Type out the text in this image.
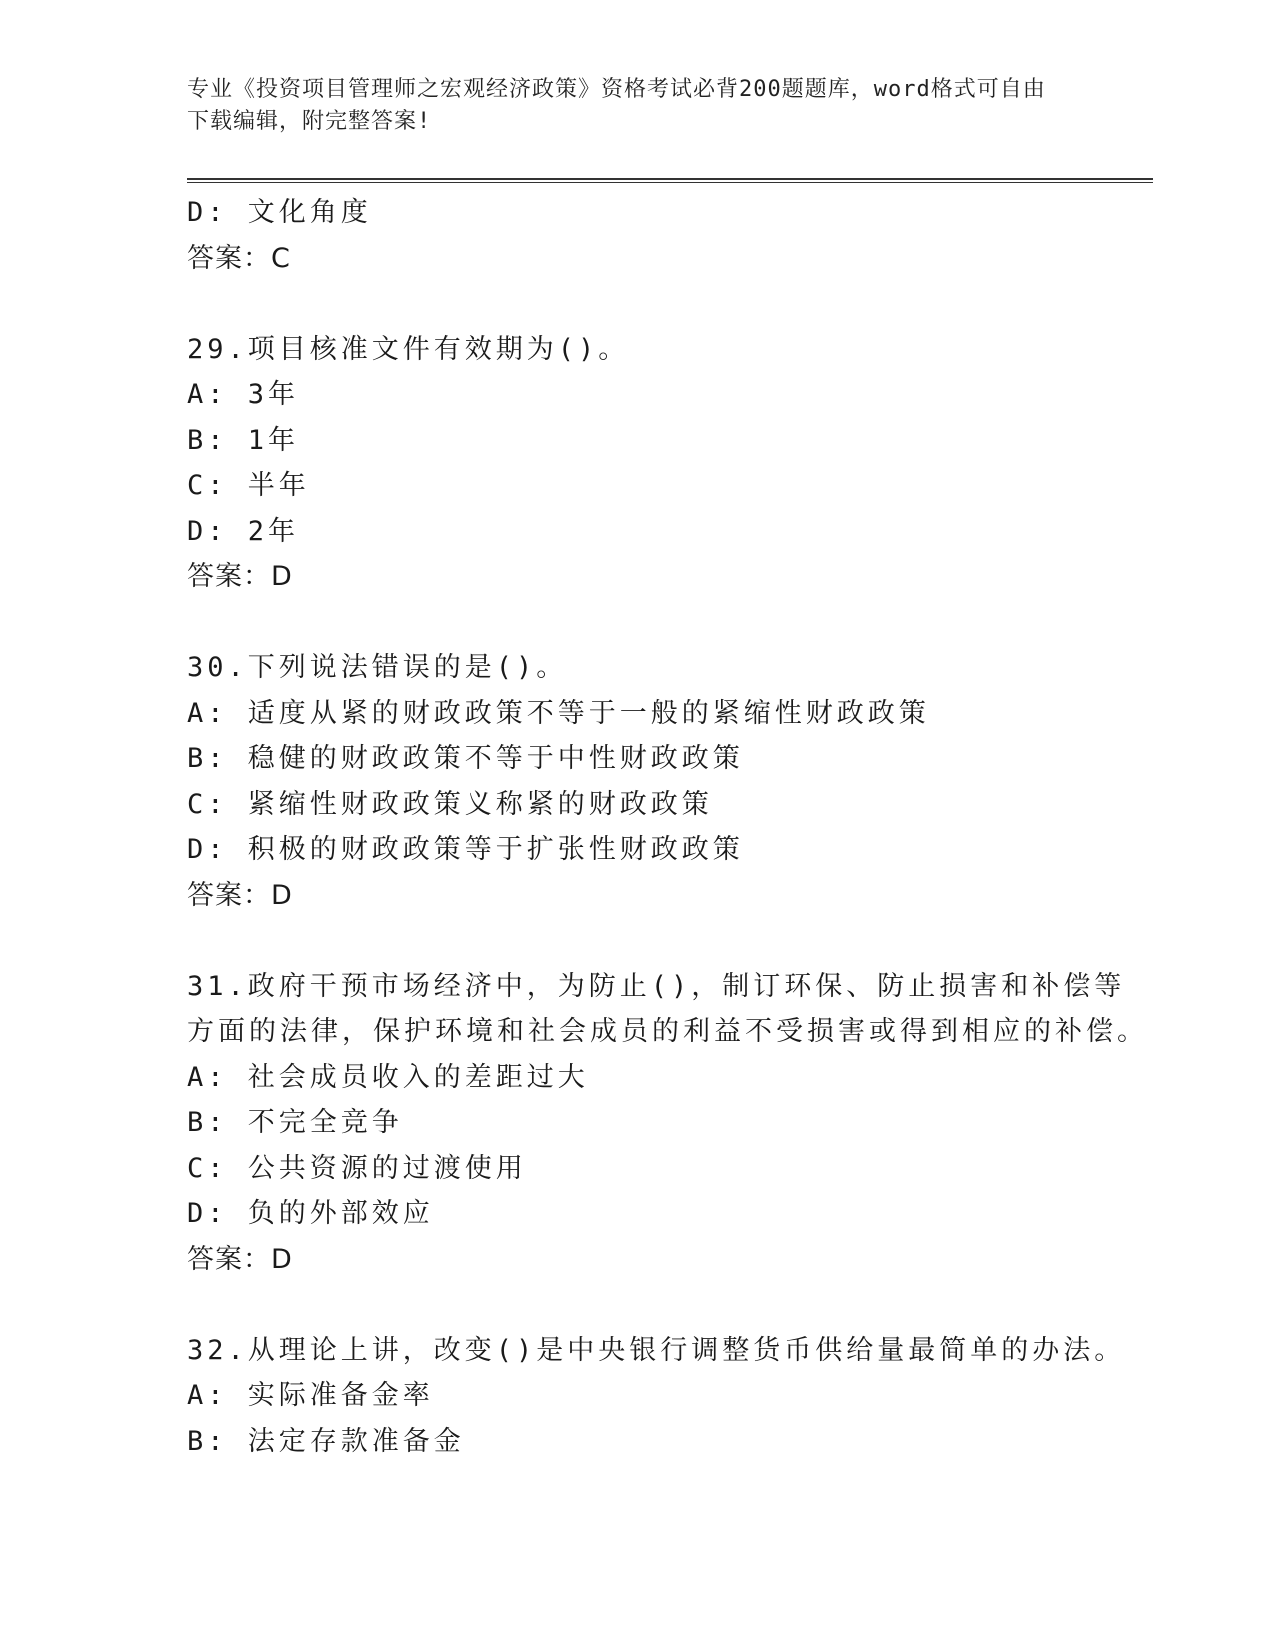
专业《投资项目管理师之宏观经济政策》资格考试必背200题题库，word格式可自由下载编辑，附完整答案!
D: 文化角度
答案：C
29.项目核准文件有效期为()。
A: 3年
B: 1年
C: 半年
D: 2年
答案：D
30.下列说法错误的是()。
A: 适度从紧的财政政策不等于一般的紧缩性财政政策
B: 稳健的财政政策不等于中性财政政策
C: 紧缩性财政政策义称紧的财政政策
D: 积极的财政政策等于扩张性财政政策
答案：D
31.政府干预市场经济中，为防止()，制订环保、防止损害和补偿等方面的法律，保护环境和社会成员的利益不受损害或得到相应的补偿。
A: 社会成员收入的差距过大
B: 不完全竞争
C: 公共资源的过渡使用
D: 负的外部效应
答案：D
32.从理论上讲，改变()是中央银行调整货币供给量最简单的办法。
A: 实际准备金率
B: 法定存款准备金
